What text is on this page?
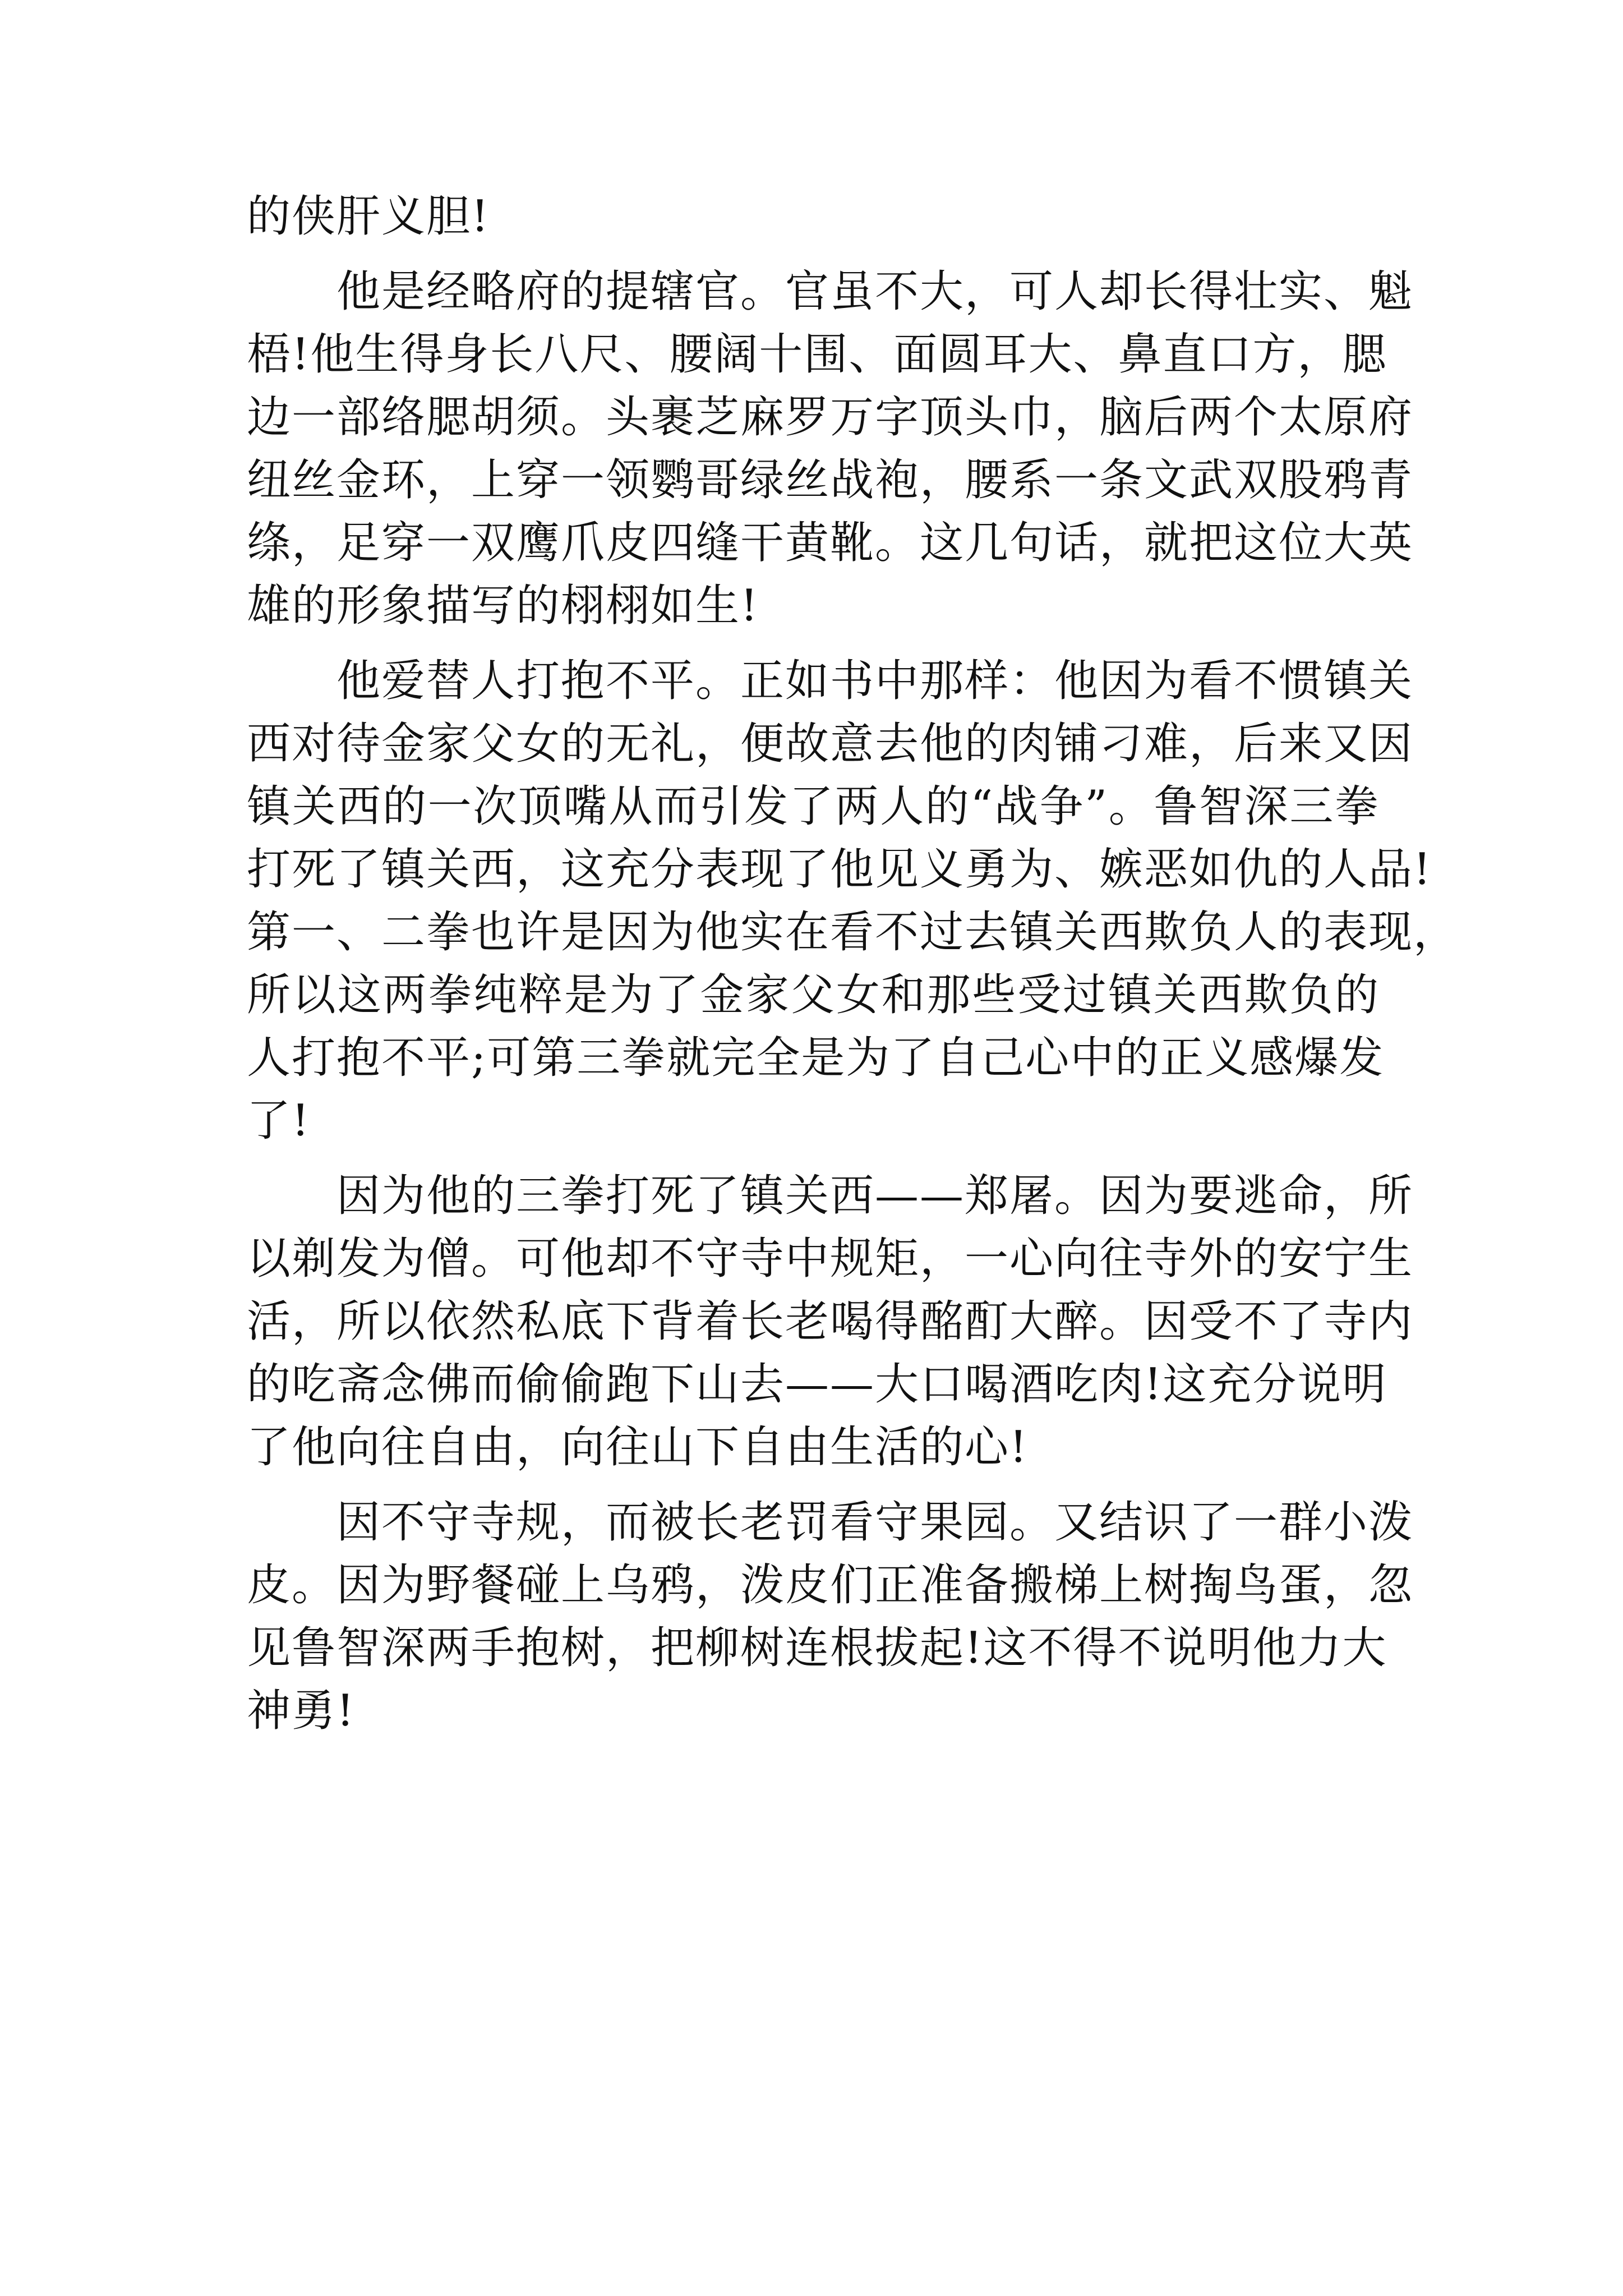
的侠肝义胆!
他是经略府的提辖官。官虽不大，可人却长得壮实、魁
梧!他生得身长八尺、腰阔十围、面圆耳大、鼻直口方，腮
边一部络腮胡须。头裹芝麻罗万字顶头巾，脑后两个太原府
纽丝金环，上穿一领鹦哥绿丝战袍，腰系一条文武双股鸦青
绦，足穿一双鹰爪皮四缝干黄靴。这几句话，就把这位大英
雄的形象描写的栩栩如生!
他爱替人打抱不平。正如书中那样：他因为看不惯镇关
西对待金家父女的无礼，便故意去他的肉铺刁难，后来又因
镇关西的一次顶嘴从而引发了两人的“战争”。鲁智深三拳
打死了镇关西，这充分表现了他见义勇为、嫉恶如仇的人品!
第一、二拳也许是因为他实在看不过去镇关西欺负人的表现，
所以这两拳纯粹是为了金家父女和那些受过镇关西欺负的
人打抱不平;可第三拳就完全是为了自己心中的正义感爆发
了!
因为他的三拳打死了镇关西——郑屠。因为要逃命，所
以剃发为僧。可他却不守寺中规矩，一心向往寺外的安宁生
活，所以依然私底下背着长老喝得酩酊大醉。因受不了寺内
的吃斋念佛而偷偷跑下山去——大口喝酒吃肉!这充分说明
了他向往自由，向往山下自由生活的心!
因不守寺规，而被长老罚看守果园。又结识了一群小泼
皮。因为野餐碰上乌鸦，泼皮们正准备搬梯上树掏鸟蛋，忽
见鲁智深两手抱树，把柳树连根拔起!这不得不说明他力大
神勇!
